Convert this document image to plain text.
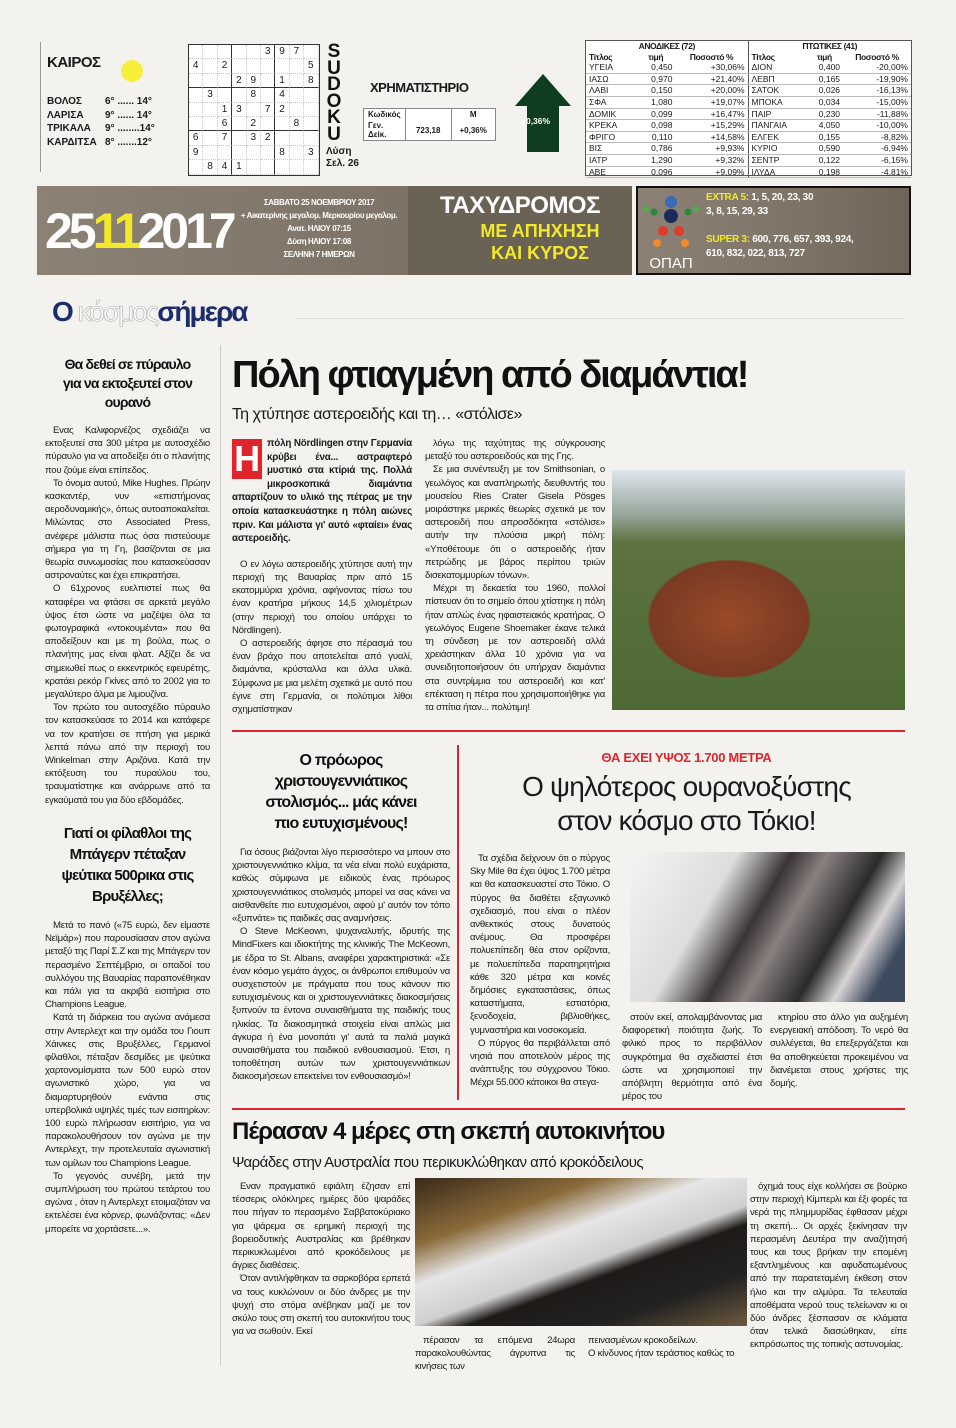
ΚΑΙΡΟΣ
ΒΟΛΟΣ	6° ...... 14°
ΛΑΡΙΣΑ	9° ...... 14°
ΤΡΙΚΑΛΑ	9° ........14°
ΚΑΡΔΙΤΣΑ 8° .......12°
3 9 7
4	2	5
2 9	1	8
3	8	4
1 3	7 2
6	2	8
6	7	3 2
9	8	3
8 4 1
S
U
D
O
K
U
Λύση
Σελ. 26
ΧΡΗΜΑΤΙΣΤΗΡΙΟ
Κωδικός		M
Γεν. Δείκ.	723,18	+0,36%
+0,36%
ΑΝΟΔΙΚΕΣ (72)		
Τίτλος	τιμή	Ποσοστό %
ΥΓΕΙΑ	0,450	+30,06%
ΙΑΣΩ	0,970	+21,40%
ΛΑΒΙ	0,150	+20,00%
ΣΦΑ	1,080	+19,07%
ΔΟΜΙΚ	0,099	+16,47%
ΚΡΕΚΑ	0,098	+15,29%
ΦΡΙΓΟ	0,110	+14,58%
ΒΙΣ	0,786	+9,93%
ΙΑΤΡ	1,290	+9,32%
ΑΒΕ	0,096	+9,09%
ΠΤΩΤΙΚΕΣ (41)		
Τίτλος	τιμή	Ποσοστό %
ΔΙΟΝ	0,400	-20,00%
ΛΕΒΠ	0,165	-19,90%
ΣΑΤΟΚ	0,026	-16,13%
ΜΠΟΚΑ	0,034	-15,00%
ΠΑΙΡ	0,230	-11,88%
ΠΑΝΓΑΙΑ	4,050	-10,00%
ΕΛΓΕΚ	0,155	-8,82%
ΚΥΡΙΟ	0,590	-6,94%
ΣΕΝΤΡ	0,122	-6,15%
ΙΛΥΔΑ	0,198	-4,81%
25112017
ΣΑΒΒΑΤΟ 25 ΝΟΕΜΒΡΙΟΥ 2017
+ Αικατερίνης μεγαλομ. Μερκουρίου μεγαλομ.
Ανατ. ΗΛΙΟΥ 07:15
Δύση ΗΛΙΟΥ 17:08
ΣΕΛΗΝΗ 7 ΗΜΕΡΩΝ
ΤΑΧΥΔΡΟΜΟΣ
ΜΕ ΑΠΗΧΗΣΗ
ΚΑΙ ΚΥΡΟΣ
ΟΠΑΠ
EXTRA 5: 1, 5, 20, 23, 30
3, 8, 15, 29, 33
SUPER 3: 600, 776, 657, 393, 924,
610, 832, 022, 813, 727
Ο κόσμοςσήμερα
Θα δεθεί σε πύραυλο για να εκτοξευτεί στον ουρανό

Ενας Καλιφορνέζος σχεδιάζει να εκτοξευτεί στα 300 μέτρα με αυτοσχέδιο πύραυλο για να αποδείξει ότι ο πλανήτης που ζούμε είναι επίπεδος.

Το όνομα αυτού, Mike Hughes. Πρώην κασκαντέρ, νυν «επιστήμονας αεροδυναμικής», όπως αυτοαποκαλείται. Μιλώντας στο Associated Press, ανέφερε μάλιστα πως όσα πιστεύουμε σήμερα για τη Γη, βασίζονται σε μια θεωρία συνωμοσίας που κατασκεύασαν αστροναύτες και έχει επικρατήσει.

Ο 61χρονος ευελπιστεί πως θα καταφέρει να φτάσει σε αρκετά μεγάλο ύψος έτσι ώστε να μαζέψει όλα τα φωτογραφικά «ντοκουμέντα» που θα αποδείξουν και με τη βούλα, πως ο πλανήτης μας είναι φλατ. Αξίζει δε να σημειωθεί πως ο εκκεντρικός εφευρέτης, κρατάει ρεκόρ Γκίνες από το 2002 για το μεγαλύτερο άλμα με λιμουζίνα.

Τον πρώτο του αυτοσχέδιο πύραυλο τον κατασκεύασε το 2014 και κατάφερε να τον κρατήσει σε πτήση για μερικά λεπτά πάνω από την περιοχή του Winkelman στην Αριζόνα. Κατά την εκτόξευση του πυραύλου του, τραυματίστηκε και ανάρρωνε από τα εγκαύματά του για δύο εβδομάδες.

Γιατί οι φίλαθλοι της Μπάγερν πέταξαν ψεύτικα 500ρικα στις Βρυξέλλες;

Μετά το πανό («75 ευρώ, δεν είμαστε Νεϊμάρ») που παρουσίασαν στον αγώνα μεταξύ της Παρί Σ.Ζ και της Μπάγερν τον περασμένο Σεπτέμβριο, οι οπαδοί του συλλόγου της Βαυαρίας παραπονέθηκαν και πάλι για τα ακριβά εισιτήρια στο Champions League.

Κατά τη διάρκεια του αγώνα ανάμεσα στην Αντερλεχτ και την ομάδα του Γιουπ Χάινκες στις Βρυξέλλες, Γερμανοί φίλαθλοι, πέταξαν δεσμίδες με ψεύτικα χαρτονομίσματα των 500 ευρώ στον αγωνιστικό χώρο, για να διαμαρτυρηθούν ενάντια στις υπερβολικά υψηλές τιμές των εισιτηρίων: 100 ευρώ πλήρωσαν εισιτήριο, για να παρακολουθήσουν τον αγώνα με την Αντερλεχτ, την προτελευταία αγωνιστική των ομίλων του Champions League.

Το γεγονός συνέβη, μετά την συμπλήρωση του πρώτου τετάρτου του αγώνα , όταν η Αντερλεχτ ετοιμαζόταν να εκτελέσει ένα κόρνερ, φωνάζοντας: «Δεν μπορείτε να χορτάσετε...».

Πόλη φτιαγμένη από διαμάντια!
Τη χτύπησε αστεροειδής και τη… «στόλισε»
Η πόλη Nördlingen στην Γερμανία κρύβει ένα... αστραφτερό μυστικό στα κτίριά της. Πολλά μικροσκοπικά διαμάντια απαρτίζουν το υλικό της πέτρας με την οποία κατασκευάστηκε η πόλη αιώνες πριν. Και μάλιστα γι' αυτό «φταίει» ένας αστεροειδής.

Ο εν λόγω αστεροειδής χτύπησε αυτή την περιοχή της Βαυαρίας πριν από 15 εκατομμύρια χρόνια, αφήνοντας πίσω του έναν κρατήρα μήκους 14,5 χιλιομέτρων (στην περιοχή του οποίου υπάρχει το Nördlingen).

Ο αστεροειδής άφησε στο πέρασμά του έναν βράχο που αποτελείται από γυαλί, διαμάντια, κρύσταλλα και άλλα υλικά. Σύμφωνα με μια μελέτη σχετικά με αυτό που έγινε στη Γερμανία, οι πολύτιμοι λίθοι σχηματίστηκαν

λόγω της ταχύτητας της σύγκρουσης μεταξύ του αστεροειδούς και της Γης.

Σε μια συνέντευξη με τον Smithsonian, ο γεωλόγος και αναπληρωτής διευθυντής του μουσείου Ries Crater Gisela Pösges μοιράστηκε μερικές θεωρίες σχετικά με τον αστεροειδή που απροσδόκητα «στόλισε» αυτήν την πλούσια μικρή πόλη: «Υποθέτουμε ότι ο αστεροειδής ήταν πετρώδης με βάρος περίπου τριών δισεκατομμυρίων τόνων».

Μέχρι τη δεκαετία του 1960, πολλοί πίστευαν ότι το σημείο όπου χτίστηκε η πόλη ήταν απλώς ένας ηφαιστειακός κρατήρας. Ο γεωλόγος Eugene Shoemaker έκανε τελικά τη σύνδεση με τον αστεροειδή αλλά χρειάστηκαν άλλα 10 χρόνια για να συνειδητοποιήσουν ότι υπήρχαν διαμάντια στα συντρίμμια του αστεροειδή και κατ' επέκταση η πέτρα που χρησιμοποιήθηκε για τα σπίτια ήταν... πολύτιμη!

Ο πρόωρος χριστουγεννιάτικος στολισμός... μάς κάνει πιο ευτυχισμένους!

Για όσους βιάζονται λίγο περισσότερο να μπουν στο χριστουγεννιάτικο κλίμα, τα νέα είναι πολύ ευχάριστα, καθώς σύμφωνα με ειδικούς ένας πρόωρος χριστουγεννιάτικος στολισμός μπορεί να σας κάνει να αισθανθείτε πιο ευτυχισμένοι, αφού μ' αυτόν τον τόπο «ξυπνάτε» τις παιδικές σας αναμνήσεις.

Ο Steve McKeown, ψυχαναλυτής, ιδρυτής της MindFixers και ιδιοκτήτης της κλινικής The McKeown, με έδρα το St. Albans, αναφέρει χαρακτηριστικά: «Σε έναν κόσμο γεμάτο άγχος, οι άνθρωποι επιθυμούν να συσχετιστούν με πράγματα που τους κάνουν πιο ευτυχισμένους και οι χριστουγεννιάτικες διακοσμήσεις ξυπνούν τα έντονα συναισθήματα της παιδικής τους ηλικίας. Τα διακοσμητικά στοιχεία είναι απλώς μια άγκυρα ή ένα μονοπάτι γι' αυτά τα παλιά μαγικά συναισθήματα του παιδικού ενθουσιασμού. Έτσι, η τοποθέτηση αυτών των χριστουγεννιάτικων διακοσμήσεων επεκτείνει τον ενθουσιασμό»!

ΘΑ ΕΧΕΙ ΥΨΟΣ 1.700 ΜΕΤΡΑ
Ο ψηλότερος ουρανοξύστης
στον κόσμο στο Τόκιο!

Τα σχέδια δείχνουν ότι ο πύργος Sky Mile θα έχει ύψος 1.700 μέτρα και θα κατασκευαστεί στο Τόκιο. Ο πύργος θα διαθέτει εξαγωνικό σχεδιασμό, που είναι ο πλέον ανθεκτικός στους δυνατούς ανέμους. Θα προσφέρει πολυεπίπεδη θέα στον ορίζοντα, με πολυεπίπεδα παρατηρητήρια κάθε 320 μέτρα και κοινές δημόσιες εγκαταστάσεις, όπως καταστήματα, εστιατόρια, ξενοδοχεία, βιβλιοθήκες, γυμναστήρια και νοσοκομεία.

Ο πύργος θα περιβάλλεται από νησιά που αποτελούν μέρος της ανάπτυξης του σύγχρονου Τόκιο. Μέχρι 55.000 κάτοικοι θα στεγα-

στούν εκεί, απολαμβάνοντας μια διαφορετική ποιότητα ζωής. Το φιλικό προς το περιβάλλον συγκρότημα θα σχεδιαστεί έτσι ώστε να χρησιμοποιεί την απόβλητη θερμότητα από ένα μέρος του

κτηρίου στο άλλο για αυξημένη ενεργειακή απόδοση. Το νερό θα συλλέγεται, θα επεξεργάζεται και θα αποθηκεύεται προκειμένου να διανέμεται στους χρήστες της δομής.

Πέρασαν 4 μέρες στη σκεπή αυτοκινήτου
Ψαράδες στην Αυστραλία που περικυκλώθηκαν από κροκόδειλους

Εναν πραγματικό εφιάλτη έζησαν επί τέσσερις ολόκληρες ημέρες δύο ψαράδες που πήγαν το περασμένο Σαββατοκύριακο για ψάρεμα σε ερημική περιοχή της βορειοδυτικής Αυστραλίας και βρέθηκαν περικυκλωμένοι από κροκόδειλους με άγριες διαθέσεις.

Όταν αντιλήφθηκαν τα σαρκοβόρα ερπετά να τους κυκλώνουν οι δύο άνδρες με την ψυχή στο στόμα ανέβηκαν μαζί με τον σκύλο τους στη σκεπή του αυτοκινήτου τους για να σωθούν. Εκεί

πέρασαν τα επόμενα 24ωρα παρακολουθώντας άγρυπνα τις κινήσεις των

πεινασμένων κροκοδείλων.

Ο κίνδυνος ήταν τεράστιος καθώς το

όχημά τους είχε κολλήσει σε βούρκο στην περιοχή Κίμπερλι και έξι φορές τα νερά της πλημμυρίδας έφθασαν μέχρι τη σκεπή... Οι αρχές ξεκίνησαν την περασμένη Δευτέρα την αναζήτησή τους και τους βρήκαν την επομένη εξαντλημένους και αφυδατωμένους από την παρατεταμένη έκθεση στον ήλιο και την αλμύρα. Τα τελευταία αποθέματα νερού τους τελείωναν κι οι δύο άνδρες ξέσπασαν σε κλάματα όταν τελικά διασώθηκαν, είπε εκπρόσωπος της τοπικής αστυνομίας.
